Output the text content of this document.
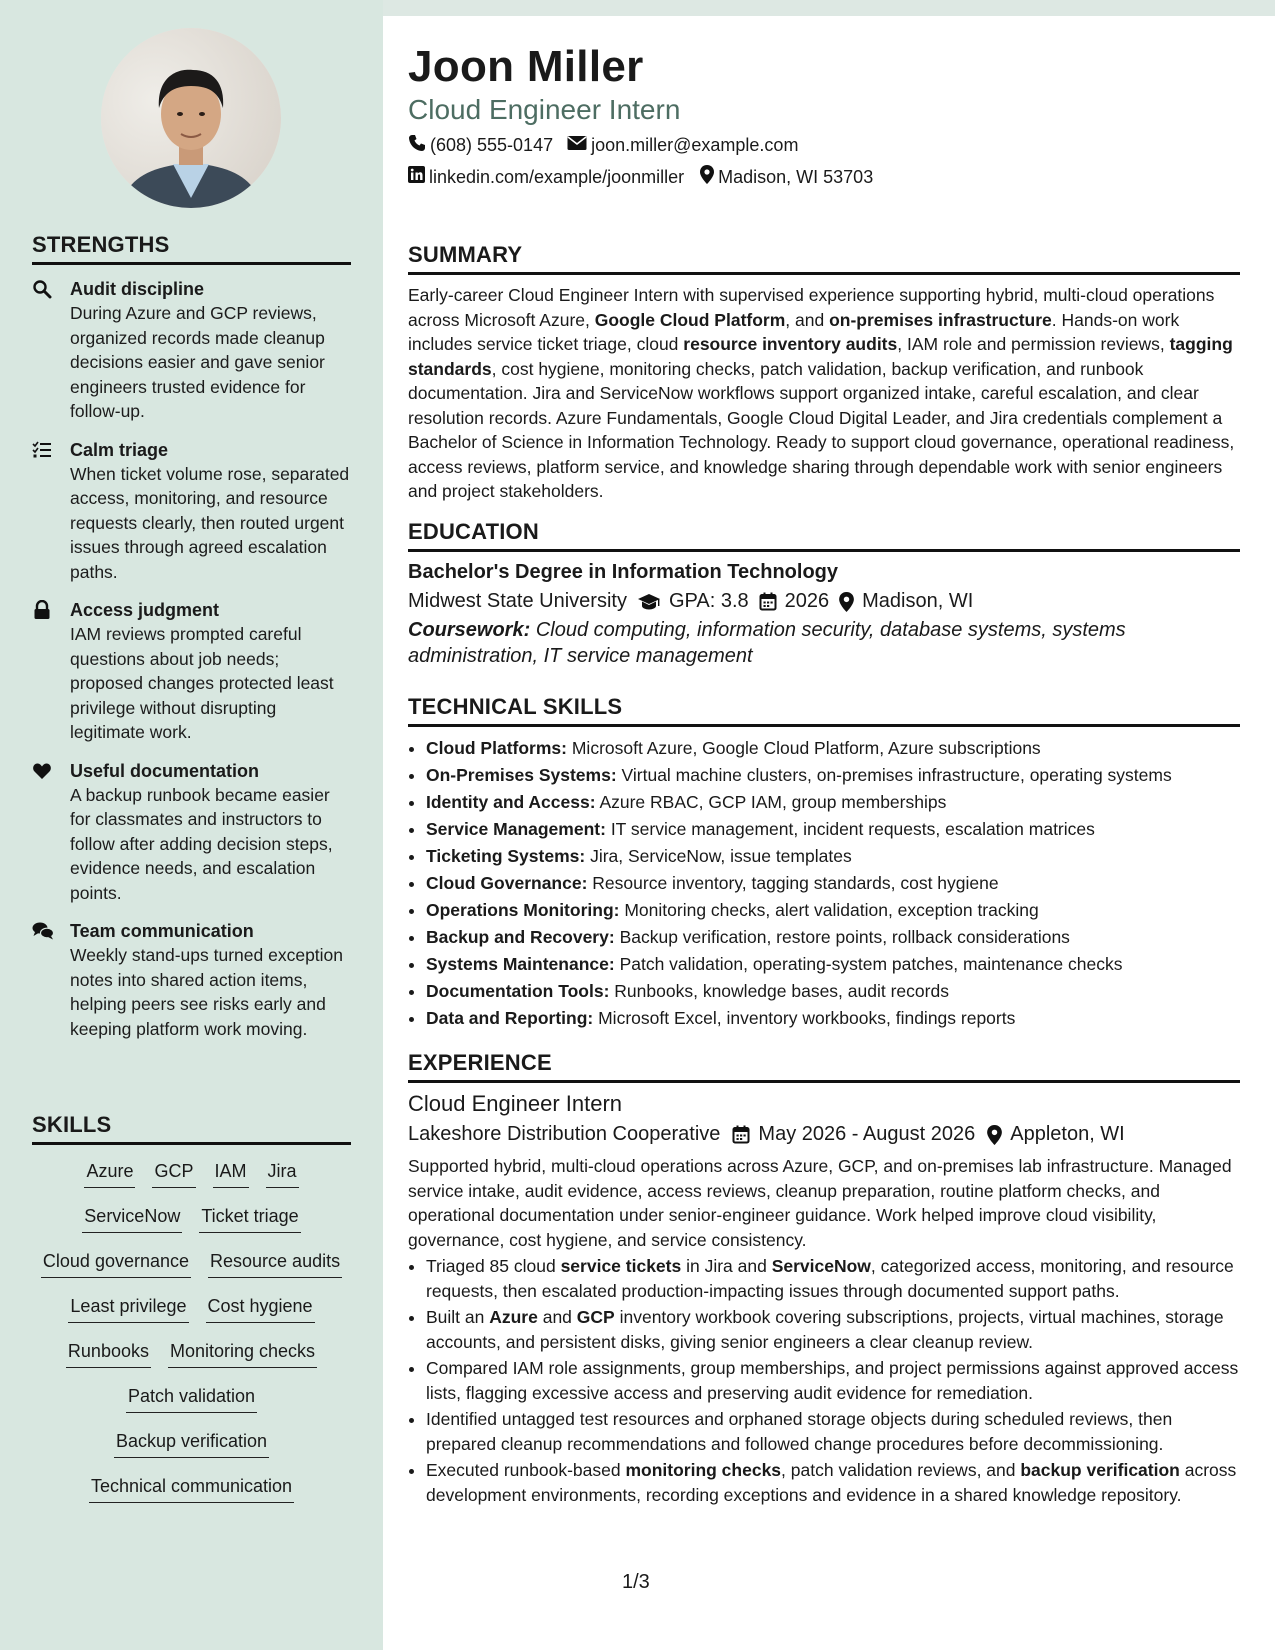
STRENGTHS
Audit discipline
During Azure and GCP reviews, organized records made cleanup decisions easier and gave senior engineers trusted evidence for follow-up.
Calm triage
When ticket volume rose, separated access, monitoring, and resource requests clearly, then routed urgent issues through agreed escalation paths.
Access judgment
IAM reviews prompted careful questions about job needs; proposed changes protected least privilege without disrupting legitimate work.
Useful documentation
A backup runbook became easier for classmates and instructors to follow after adding decision steps, evidence needs, and escalation points.
Team communication
Weekly stand-ups turned exception notes into shared action items, helping peers see risks early and keeping platform work moving.
SKILLS
Azure GCP IAM Jira
ServiceNow Ticket triage
Cloud governance Resource audits
Least privilege Cost hygiene
Runbooks Monitoring checks
Patch validation
Backup verification
Technical communication
Joon Miller
Cloud Engineer Intern
(608) 555-0147 joon.miller@example.com
linkedin.com/example/joonmiller Madison, WI 53703
SUMMARY

Early-career Cloud Engineer Intern with supervised experience supporting hybrid, multi-cloud operations across Microsoft Azure, Google Cloud Platform, and on-premises infrastructure. Hands-on work includes service ticket triage, cloud resource inventory audits, IAM role and permission reviews, tagging standards, cost hygiene, monitoring checks, patch validation, backup verification, and runbook documentation. Jira and ServiceNow workflows support organized intake, careful escalation, and clear resolution records. Azure Fundamentals, Google Cloud Digital Leader, and Jira credentials complement a Bachelor of Science in Information Technology. Ready to support cloud governance, operational readiness, access reviews, platform service, and knowledge sharing through dependable work with senior engineers and project stakeholders.

EDUCATION
Bachelor's Degree in Information Technology
Midwest State University GPA: 3.8 2026 Madison, WI
Coursework: Cloud computing, information security, database systems, systems administration, IT service management
TECHNICAL SKILLS
• Cloud Platforms: Microsoft Azure, Google Cloud Platform, Azure subscriptions
• On-Premises Systems: Virtual machine clusters, on-premises infrastructure, operating systems
• Identity and Access: Azure RBAC, GCP IAM, group memberships
• Service Management: IT service management, incident requests, escalation matrices
• Ticketing Systems: Jira, ServiceNow, issue templates
• Cloud Governance: Resource inventory, tagging standards, cost hygiene
• Operations Monitoring: Monitoring checks, alert validation, exception tracking
• Backup and Recovery: Backup verification, restore points, rollback considerations
• Systems Maintenance: Patch validation, operating-system patches, maintenance checks
• Documentation Tools: Runbooks, knowledge bases, audit records
• Data and Reporting: Microsoft Excel, inventory workbooks, findings reports
EXPERIENCE
Cloud Engineer Intern
Lakeshore Distribution Cooperative May 2026 - August 2026 Appleton, WI

Supported hybrid, multi-cloud operations across Azure, GCP, and on-premises lab infrastructure. Managed service intake, audit evidence, access reviews, cleanup preparation, routine platform checks, and operational documentation under senior-engineer guidance. Work helped improve cloud visibility, governance, cost hygiene, and service consistency.

• Triaged 85 cloud service tickets in Jira and ServiceNow, categorized access, monitoring, and resource requests, then escalated production-impacting issues through documented support paths.
• Built an Azure and GCP inventory workbook covering subscriptions, projects, virtual machines, storage accounts, and persistent disks, giving senior engineers a clear cleanup review.
• Compared IAM role assignments, group memberships, and project permissions against approved access lists, flagging excessive access and preserving audit evidence for remediation.
• Identified untagged test resources and orphaned storage objects during scheduled reviews, then prepared cleanup recommendations and followed change procedures before decommissioning.
• Executed runbook-based monitoring checks, patch validation reviews, and backup verification across development environments, recording exceptions and evidence in a shared knowledge repository.
1/3
